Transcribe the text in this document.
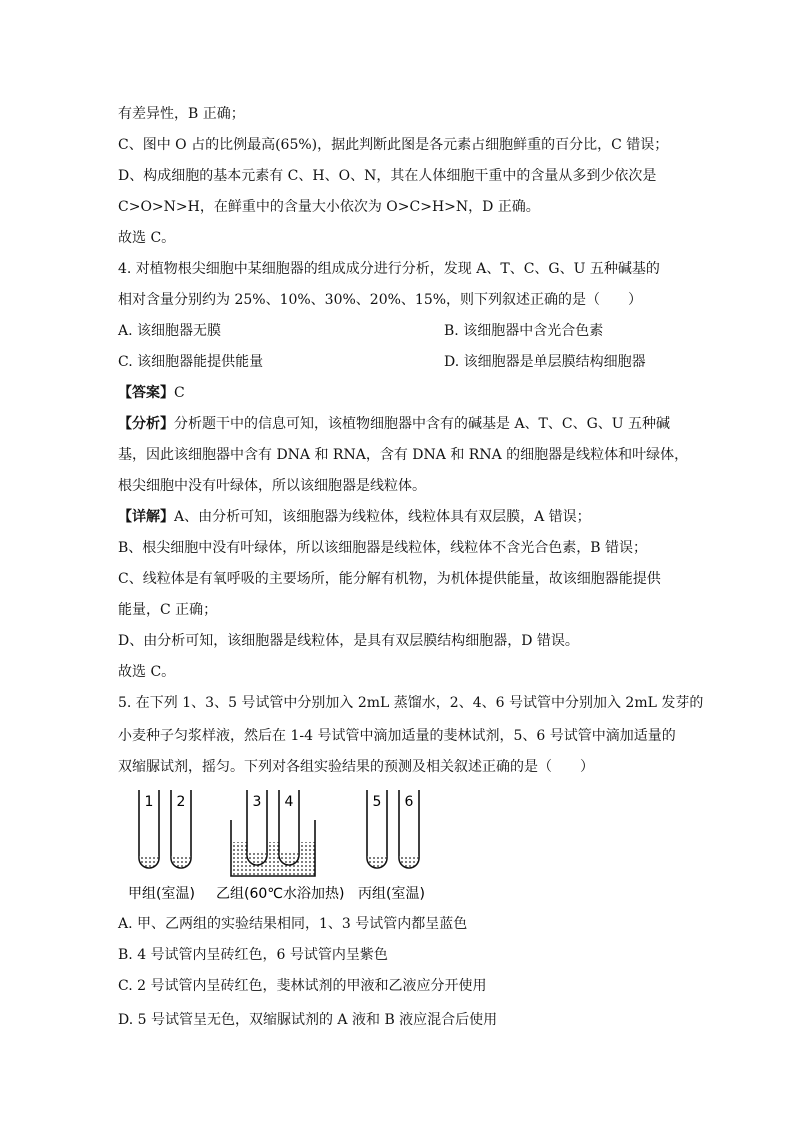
有差异性，B 正确；
C、图中 O 占的比例最高(65%)，据此判断此图是各元素占细胞鲜重的百分比，C 错误；
D、构成细胞的基本元素有 C、H、O、N，其在人体细胞干重中的含量从多到少依次是
C>O>N>H，在鲜重中的含量大小依次为 O>C>H>N，D 正确。
故选 C。
4. 对植物根尖细胞中某细胞器的组成成分进行分析，发现 A、T、C、G、U 五种碱基的
相对含量分别约为 25%、10%、30%、20%、15%，则下列叙述正确的是（　　）
A. 该细胞器无膜	B. 该细胞器中含光合色素
C. 该细胞器能提供能量	D. 该细胞器是单层膜结构细胞器
【答案】C
【分析】分析题干中的信息可知，该植物细胞器中含有的碱基是 A、T、C、G、U 五种碱
基，因此该细胞器中含有 DNA 和 RNA，含有 DNA 和 RNA 的细胞器是线粒体和叶绿体，
根尖细胞中没有叶绿体，所以该细胞器是线粒体。
【详解】A、由分析可知，该细胞器为线粒体，线粒体具有双层膜，A 错误；
B、根尖细胞中没有叶绿体，所以该细胞器是线粒体，线粒体不含光合色素，B 错误；
C、线粒体是有氧呼吸的主要场所，能分解有机物，为机体提供能量，故该细胞器能提供
能量，C 正确；
D、由分析可知，该细胞器是线粒体，是具有双层膜结构细胞器，D 错误。
故选 C。
5. 在下列 1、3、5 号试管中分别加入 2mL 蒸馏水，2、4、6 号试管中分别加入 2mL 发芽的
小麦种子匀浆样液，然后在 1-4 号试管中滴加适量的斐林试剂，5、6 号试管中滴加适量的
双缩脲试剂，摇匀。下列对各组实验结果的预测及相关叙述正确的是（　　）
1 2	3 4	5 6
甲组(室温) 乙组(60℃水浴加热) 丙组(室温)
A. 甲、乙两组的实验结果相同，1、3 号试管内都呈蓝色
B. 4 号试管内呈砖红色，6 号试管内呈紫色
C. 2 号试管内呈砖红色，斐林试剂的甲液和乙液应分开使用
D. 5 号试管呈无色，双缩脲试剂的 A 液和 B 液应混合后使用
